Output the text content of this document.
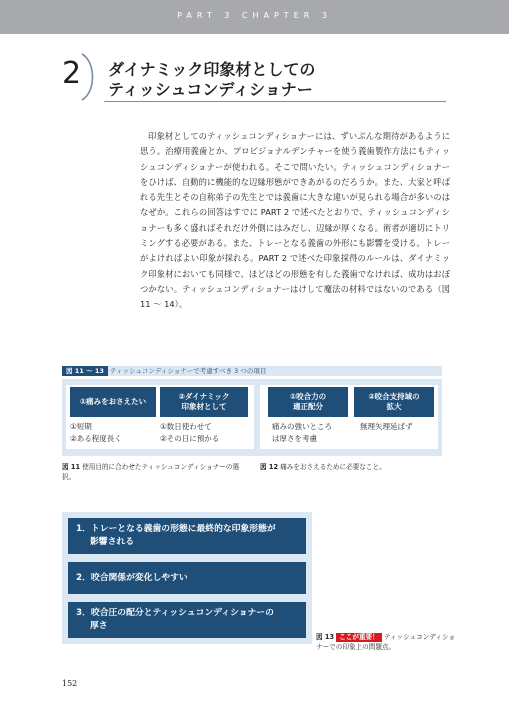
PART 3 CHAPTER 3
2 ダイナミック印象材としての
ティッシュコンディショナー
印象材としてのティッシュコンディショナーには、ずいぶんな期待があるように思う。治療用義歯とか、プロビジョナルデンチャーを使う義歯製作方法にもティッシュコンディショナーが使われる。そこで問いたい。ティッシュコンディショナーをひけば、自動的に機能的な辺縁形態ができあがるのだろうか。また、大家と呼ばれる先生とその自称弟子の先生とでは義歯に大きな違いが見られる場合が多いのはなぜか。これらの回答はすでに PART 2 で述べたとおりで、ティッシュコンディショナーも多く盛ればそれだけ外側にはみだし、辺縁が厚くなる。術者が適切にトリミングする必要がある。また、トレーとなる義歯の外形にも影響を受ける。トレーがよければよい印象が採れる。PART 2 で述べた印象採得のルールは、ダイナミック印象材においても同様で、ほどほどの形態を有した義歯でなければ、成功はおぼつかない。ティッシュコンディショナーはけして魔法の材料ではないのである（図 11 〜 14）。
図 11 〜 13 ティッシュコンディショナーで考慮すべき 3 つの項目
①痛みをおさえたい
②ダイナミック
印象材として
①短期
②ある程度長く
①数日使わせて
②その日に預かる
①咬合力の
適正配分
②咬合支持域の
拡大
痛みの強いところ
は厚さを考慮
無理矢理延ばず
図 11 使用目的に合わせたティッシュコンディショナーの選択。
図 12 痛みをおさえるために必要なこと。
1．トレーとなる義歯の形態に最終的な印象形態が
影響される
2．咬合関係が変化しやすい
3．咬合圧の配分とティッシュコンディショナーの
厚さ
図 13 ここが重要！ ティッシュコンディショナーでの印象上の問題点。
152
